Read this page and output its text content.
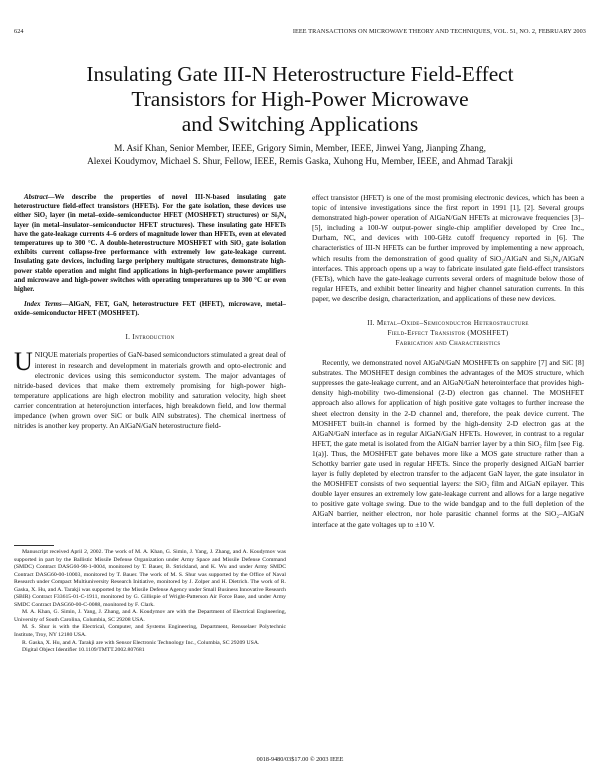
624	IEEE TRANSACTIONS ON MICROWAVE THEORY AND TECHNIQUES, VOL. 51, NO. 2, FEBRUARY 2003
Insulating Gate III-N Heterostructure Field-Effect
Transistors for High-Power Microwave
and Switching Applications
M. Asif Khan, Senior Member, IEEE, Grigory Simin, Member, IEEE, Jinwei Yang, Jianping Zhang,
Alexei Koudymov, Michael S. Shur, Fellow, IEEE, Remis Gaska, Xuhong Hu, Member, IEEE, and Ahmad Tarakji

Abstract—We describe the properties of novel III-N-based insulating gate heterostructure field-effect transistors (HFETs). For the gate isolation, these devices use either SiO₂ layer (in metal–oxide–semiconductor HFET (MOSHFET) structures) or Si₃N₄ layer (in metal–insulator–semiconductor HFET structures). These insulating gate HFETs have the gate-leakage currents 4–6 orders of magnitude lower than HFETs, even at elevated temperatures up to 300 °C. A double-heterostructure MOSHFET with SiO₂ gate isolation exhibits current collapse-free performance with extremely low gate-leakage current. Insulating gate devices, including large periphery multigate structures, demonstrate high-power stable operation and might find applications in high-performance power amplifiers and microwave and high-power switches with operating temperatures up to 300 °C or even higher.

Index Terms—AlGaN, FET, GaN, heterostructure FET (HFET), microwave, metal–oxide–semiconductor HFET (MOSHFET).

I. Introduction

UNIQUE materials properties of GaN-based semiconductors stimulated a great deal of interest in research and development in materials growth and opto-electronic and electronic devices using this semiconductor system. The major advantages of nitride-based devices that make them extremely promising for high-power high-temperature applications are high electron mobility and saturation velocity, high sheet carrier concentration at heterojunction interfaces, high breakdown field, and low thermal impedance (when grown over SiC or bulk AlN substrates). The chemical inertness of nitrides is another key property. An AlGaN/GaN heterostructure field-

Manuscript received April 2, 2002. The work of M. A. Khan, G. Simin, J. Yang, J. Zhang, and A. Koudymov was supported in part by the Ballistic Missile Defense Organization under Army Space and Missile Defense Command (SMDC) Contract DASG60-98-1-0004, monitored by T. Bauer, B. Strickland, and K. Wu and under Army SMDC Contract DASG60-00-10003, monitored by T. Bauer. The work of M. S. Shur was supported by the Office of Naval Research under Compact Multiuniversity Research Initiative, monitored by J. Zolper and H. Dietrich. The work of R. Gaska, X. Hu, and A. Tarakji was supported by the Missile Defense Agency under Small Business Innovative Research (SBIR) Contract F33615-01-C-1911, monitored by G. Gillispie of Wright-Patterson Air Force Base, and under Army SMDC Contract DASG60-00-C-0088, monitored by F. Clark.

M. A. Khan, G. Simin, J. Yang, J. Zhang, and A. Koudymov are with the Department of Electrical Engineering, University of South Carolina, Columbia, SC 29208 USA.

M. S. Shur is with the Electrical, Computer, and Systems Engineering, Department, Rensselaer Polytechnic Institute, Troy, NY 12180 USA.

R. Gaska, X. Hu, and A. Tarakji are with Sensor Electronic Technology Inc., Columbia, SC 29209 USA.

Digital Object Identifier 10.1109/TMTT.2002.807681

effect transistor (HFET) is one of the most promising electronic devices, which has been a topic of intensive investigations since the first report in 1991 [1], [2]. Several groups demonstrated high-power operation of AlGaN/GaN HFETs at microwave frequencies [3]–[5], including a 100-W output-power single-chip amplifier developed by Cree Inc., Durham, NC, and devices with 100-GHz cutoff frequency reported in [6]. The characteristics of III-N HFETs can be further improved by implementing a new approach, which results from the demonstration of good quality of SiO₂/AlGaN and Si₃N₄/AlGaN interfaces. This approach opens up a way to fabricate insulated gate field-effect transistors (FETs), which have the gate-leakage currents several orders of magnitude below those of regular HFETs, and exhibit better linearity and higher channel saturation currents. In this paper, we describe design, characterization, and applications of these new devices.

II. Metal–Oxide–Semiconductor Heterostructure
Field-Effect Transistor (MOSHFET)
Fabrication and Characteristics

Recently, we demonstrated novel AlGaN/GaN MOSHFETs on sapphire [7] and SiC [8] substrates. The MOSHFET design combines the advantages of the MOS structure, which suppresses the gate-leakage current, and an AlGaN/GaN heterointerface that provides high-density high-mobility two-dimensional (2-D) electron gas channel. The MOSHFET approach also allows for application of high positive gate voltages to further increase the sheet electron density in the 2-D channel and, therefore, the peak device current. The MOSHFET built-in channel is formed by the high-density 2-D electron gas at the AlGaN/GaN interface as in regular AlGaN/GaN HFETs. However, in contrast to a regular HFET, the gate metal is isolated from the AlGaN barrier layer by a thin SiO₂ film [see Fig. 1(a)]. Thus, the MOSHFET gate behaves more like a MOS gate structure rather than a Schottky barrier gate used in regular HFETs. Since the properly designed AlGaN barrier layer is fully depleted by electron transfer to the adjacent GaN layer, the gate insulator in the MOSHFET consists of two sequential layers: the SiO₂ film and AlGaN epilayer. This double layer ensures an extremely low gate-leakage current and allows for a large negative to positive gate voltage swing. Due to the wide bandgap and to the full depletion of the AlGaN barrier, neither electron, nor hole parasitic channel forms at the SiO₂–AlGaN interface at the gate voltages up to ±10 V.

0018-9480/03$17.00 © 2003 IEEE
